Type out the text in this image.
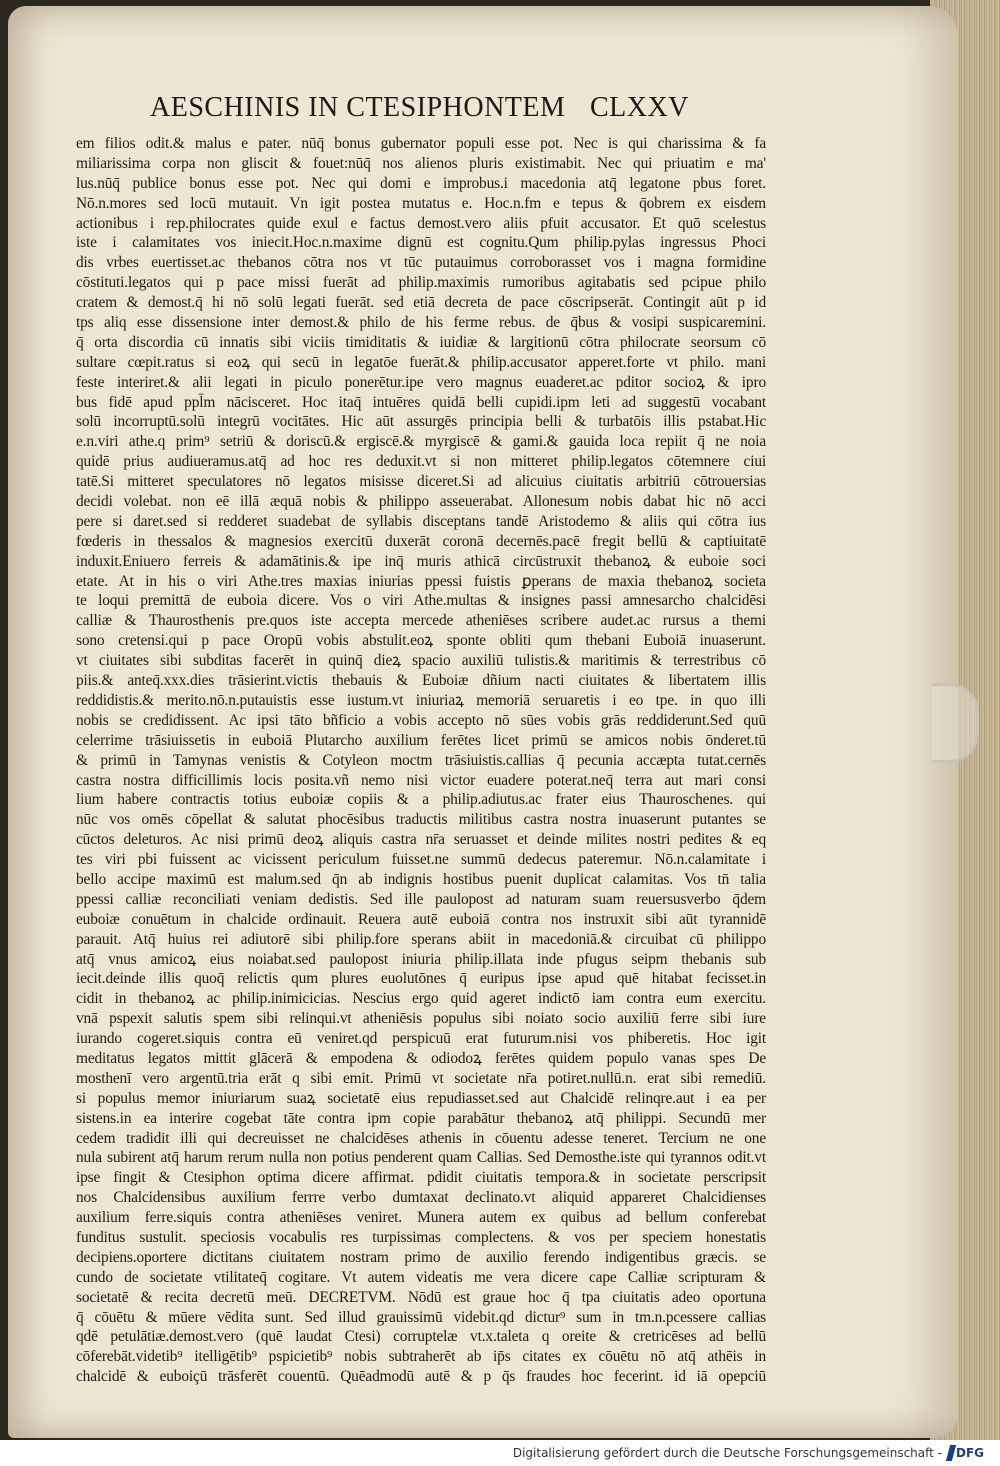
AESCHINIS IN CTESIPHONTEM CLXXV
em filios odit.& malus e pater. nūq̄ bonus gubernator populi esse pot. Nec is qui charissima & fa
miliarissima corpa non gliscit & fouet:nūq̄ nos alienos pluris existimabit. Nec qui priuatim e ma'
lus.nūq̄ publice bonus esse pot. Nec qui domi e improbus.i macedonia atq̄ legatone pbus foret.
Nō.n.mores sed locū mutauit. Vn igit postea mutatus e. Hoc.n.fm e tepus & q̄obrem ex eisdem
actionibus i rep.philocrates quide exul e factus demost.vero aliis pfuit accusator. Et quō scelestus
iste i calamitates vos iniecit.Hoc.n.maxime dignū est cognitu.Qum philip.pylas ingressus Phoci
dis vrbes euertisset.ac thebanos cōtra nos vt tūc putauimus corroborasset vos i magna formidine
cōstituti.legatos qui p pace missi fuerāt ad philip.maximis rumoribus agitabatis sed pcipue philo
cratem & demost.q̄ hi nō solū legati fuerāt. sed etiā decreta de pace cōscripserāt. Contingit aūt p id
tps aliq esse dissensione inter demost.& philo de his ferme rebus. de q̄bus & vosipi suspicaremini.
q̄ orta discordia cū innatis sibi viciis timiditatis & iuidiæ & largitionū cōtra philocrate seorsum cō
sultare cœpit.ratus si eoꝝ qui secū in legatōe fuerāt.& philip.accusator apperet.forte vt philo. mani
feste interiret.& alii legati in piculo ponerētur.ipe vero magnus euaderet.ac pditor socioꝝ & ipro
bus fidē apud ppl̄m nācisceret. Hoc itaq̄ intuēres quidā belli cupidi.ipm leti ad suggestū vocabant
solū incorruptū.solū integrū vocitātes. Hic aūt assurgēs principia belli & turbatōis illis pstabat.Hic
e.n.viri athe.q prim⁹ setriū & doriscū.& ergiscē.& myrgiscē & gami.& gauida loca repiit q̄ ne noia
quidē prius audiueramus.atq̄ ad hoc res deduxit.vt si non mitteret philip.legatos cōtemnere ciui
tatē.Si mitteret speculatores nō legatos misisse diceret.Si ad alicuius ciuitatis arbitriū cōtrouersias
decidi volebat. non eē illā æquā nobis & philippo asseuerabat. Allonesum nobis dabat hic nō acci
pere si daret.sed si redderet suadebat de syllabis disceptans tandē Aristodemo & aliis qui cōtra ius
fœderis in thessalos & magnesios exercitū duxerāt coronā decernēs.pacē fregit bellū & captiuitatē
induxit.Eniuero ferreis & adamātinis.& ipe inq̄ muris athicā circūstruxit thebanoꝝ & euboie soci
etate. At in his o viri Athe.tres maxias iniurias ppessi fuistis ꝑperans de maxia thebanoꝝ societa
te loqui premittā de euboia dicere. Vos o viri Athe.multas & insignes passi amnesarcho chalcidēsi
calliæ & Thaurosthenis pre.quos iste accepta mercede atheniēses scribere audet.ac rursus a themi
sono cretensi.qui p pace Oropū vobis abstulit.eoꝝ sponte obliti qum thebani Euboiā inuaserunt.
vt ciuitates sibi subditas facerēt in quinq̄ dieꝝ spacio auxiliū tulistis.& maritimis & terrestribus cō
piis.& anteq̄.xxx.dies trāsierint.victis thebauis & Euboiæ dñium nacti ciuitates & libertatem illis
reddidistis.& merito.nō.n.putauistis esse iustum.vt iniuriaꝝ memoriā seruaretis i eo tpe. in quo illi
nobis se credidissent. Ac ipsi tāto bñficio a vobis accepto nō sūes vobis grās reddiderunt.Sed quū
celerrime trāsiuissetis in euboiā Plutarcho auxilium ferētes licet primū se amicos nobis ōnderet.tū
& primū in Tamynas venistis & Cotyleon moctm trāsiuistis.callias q̄ pecunia accæpta tutat.cernēs
castra nostra difficillimis locis posita.vñ nemo nisi victor euadere poterat.neq̄ terra aut mari consi
lium habere contractis totius euboiæ copiis & a philip.adiutus.ac frater eius Thauroschenes. qui
nūc vos omēs cōpellat & salutat phocēsibus traductis militibus castra nostra inuaserunt putantes se
cūctos deleturos. Ac nisi primū deoꝝ aliquis castra nr̄a seruasset et deinde milites nostri pedites & eq
tes viri pbi fuissent ac vicissent periculum fuisset.ne summū dedecus pateremur. Nō.n.calamitate i
bello accipe maximū est malum.sed q̄n ab indignis hostibus puenit duplicat calamitas. Vos tn̄ talia
ppessi calliæ reconciliati veniam dedistis. Sed ille paulopost ad naturam suam reuersusverbo q̄dem
euboiæ conuētum in chalcide ordinauit. Reuera autē euboiā contra nos instruxit sibi aūt tyrannidē
parauit. Atq̄ huius rei adiutorē sibi philip.fore sperans abiit in macedoniā.& circuibat cū philippo
atq̄ vnus amicoꝝ eius noiabat.sed paulopost iniuria philip.illata inde pfugus seipm thebanis sub
iecit.deinde illis quoq̄ relictis qum plures euolutōnes q̄ euripus ipse apud quē hitabat fecisset.in
cidit in thebanoꝝ ac philip.inimicicias. Nescius ergo quid ageret indictō iam contra eum exercitu.
vnā pspexit salutis spem sibi relinqui.vt atheniēsis populus sibi noiato socio auxiliū ferre sibi iure
iurando cogeret.siquis contra eū veniret.qd perspicuū erat futurum.nisi vos phiberetis. Hoc igit
meditatus legatos mittit glācerā & empodena & odiodoꝝ ferētes quidem populo vanas spes De
mosthenī vero argentū.tria erāt q sibi emit. Primū vt societate nr̄a potiret.nullū.n. erat sibi remediū.
si populus memor iniuriarum suaꝝ societatē eius repudiasset.sed aut Chalcidē relinqre.aut i ea per
sistens.in ea interire cogebat tāte contra ipm copie parabātur thebanoꝝ atq̄ philippi. Secundū mer
cedem tradidit illi qui decreuisset ne chalcidēses athenis in cōuentu adesse teneret. Tercium ne one
nula subirent atq̄ harum rerum nulla non potius penderent quam Callias. Sed Demosthe.iste qui tyrannos odit.vt
ipse fingit & Ctesiphon optima dicere affirmat. pdidit ciuitatis tempora.& in societate perscripsit
nos Chalcidensibus auxilium ferrre verbo dumtaxat declinato.vt aliquid appareret Chalcidienses
auxilium ferre.siquis contra atheniēses veniret. Munera autem ex quibus ad bellum conferebat
funditus sustulit. speciosis vocabulis res turpissimas complectens. & vos per speciem honestatis
decipiens.oportere dictitans ciuitatem nostram primo de auxilio ferendo indigentibus græcis. se
cundo de societate vtilitateq̄ cogitare. Vt autem videatis me vera dicere cape Calliæ scripturam &
societatē & recita decretū meū. DECRETVM. Nōdū est graue hoc q̄ tpa ciuitatis adeo oportuna
q̄ cōuētu & mūere vēdita sunt. Sed illud grauissimū videbit.qd dictur⁹ sum in tm.n.pcessere callias
qdē petulātiæ.demost.vero (quē laudat Ctesi) corruptelæ vt.x.taleta q oreite & cretricēses ad bellū
cōferebāt.videtib⁹ itelligētib⁹ pspicietib⁹ nobis subtraherēt ab ip̄s citates ex cōuētu nō atq̄ athēis in
chalcidē & euboiçū trāsferēt couentū. Quēadmodū autē & p q̄s fraudes hoc fecerint. id iā opepciū
Digitalisierung gefördert durch die Deutsche Forschungsgemeinschaft - DFG
